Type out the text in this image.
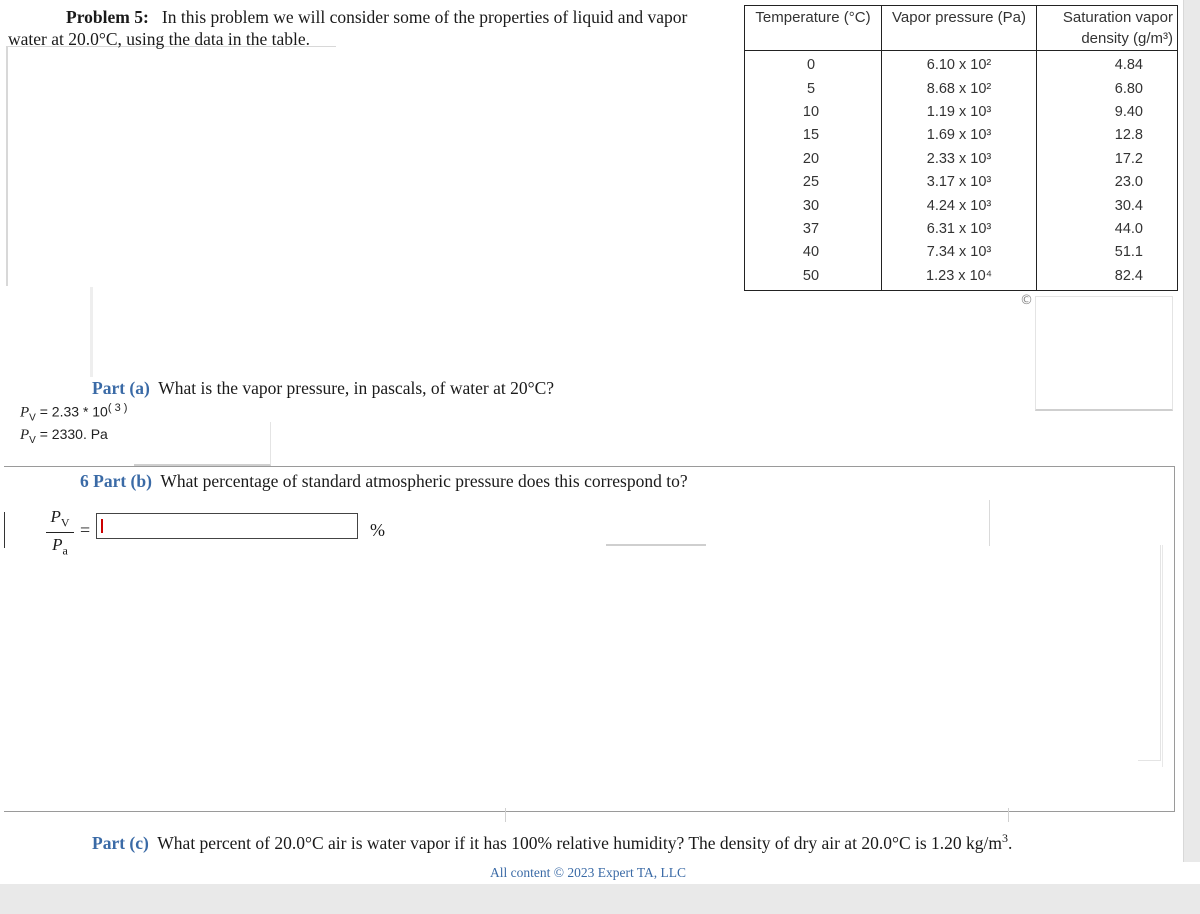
Problem 5: In this problem we will consider some of the properties of liquid and vapor
water at 20.0°C, using the data in the table.
Temperature (°C)	Vapor pressure (Pa)	Saturation vapor
density (g/m³)

0	6.10 x 10²	4.84
5	8.68 x 10²	6.80
10	1.19 x 10³	9.40
15	1.69 x 10³	12.8
20	2.33 x 10³	17.2
25	3.17 x 10³	23.0
30	4.24 x 10³	30.4
37	6.31 x 10³	44.0
40	7.34 x 10³	51.1
50	1.23 x 10⁴	82.4
©
Part (a) What is the vapor pressure, in pascals, of water at 20°C?
$P_V = 2.33 * 10^{( 3 )}$
$P_V = 2330$. Pa
6 Part (b) What percentage of standard atmospheric pressure does this correspond to?
$P_V$
$P_a$
=	%
Part (c) What percent of 20.0°C air is water vapor if it has 100% relative humidity? The density of dry air at 20.0°C is 1.20 $kg/m^3$.
All content © 2023 Expert TA, LLC
